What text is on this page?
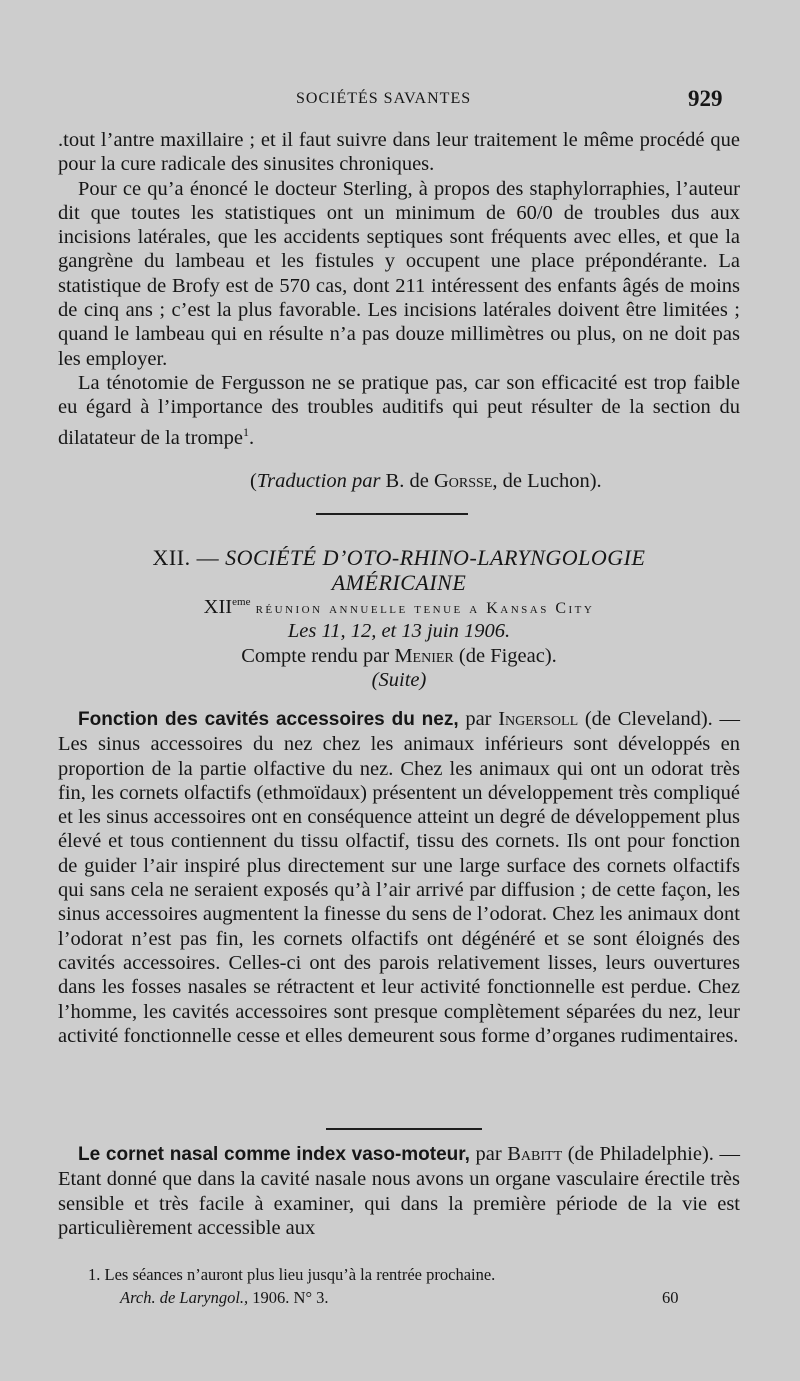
SOCIÉTÉS SAVANTES	929

.tout l’antre maxillaire ; et il faut suivre dans leur traitement le même procédé que pour la cure radicale des sinusites chroniques.

Pour ce qu’a énoncé le docteur Sterling, à propos des staphylorraphies, l’auteur dit que toutes les statistiques ont un minimum de 60/0 de troubles dus aux incisions latérales, que les accidents septiques sont fréquents avec elles, et que la gangrène du lambeau et les fistules y occupent une place prépondérante. La statistique de Brofy est de 570 cas, dont 211 intéressent des enfants âgés de moins de cinq ans ; c’est la plus favorable. Les incisions latérales doivent être limitées ; quand le lambeau qui en résulte n’a pas douze millimètres ou plus, on ne doit pas les employer.

La ténotomie de Fergusson ne se pratique pas, car son efficacité est trop faible eu égard à l’importance des troubles auditifs qui peut résulter de la section du dilatateur de la trompe$^1$.

(Traduction par B. de Gorsse, de Luchon).
XII. — SOCIÉTÉ D’OTO-RHINO-LARYNGOLOGIE
AMÉRICAINE
XIIeme réunion annuelle tenue a Kansas City
Les 11, 12, et 13 juin 1906.
Compte rendu par Menier (de Figeac).
(Suite)

Fonction des cavités accessoires du nez, par Ingersoll (de Cleveland). — Les sinus accessoires du nez chez les animaux inférieurs sont développés en proportion de la partie olfactive du nez. Chez les animaux qui ont un odorat très fin, les cornets olfactifs (ethmoïdaux) présentent un développement très compliqué et les sinus accessoires ont en conséquence atteint un degré de développement plus élevé et tous contiennent du tissu olfactif, tissu des cornets. Ils ont pour fonction de guider l’air inspiré plus directement sur une large surface des cornets olfactifs qui sans cela ne seraient exposés qu’à l’air arrivé par diffusion ; de cette façon, les sinus accessoires augmentent la finesse du sens de l’odorat. Chez les animaux dont l’odorat n’est pas fin, les cornets olfactifs ont dégénéré et se sont éloignés des cavités accessoires. Celles-ci ont des parois relativement lisses, leurs ouvertures dans les fosses nasales se rétractent et leur activité fonctionnelle est perdue. Chez l’homme, les cavités accessoires sont presque complètement séparées du nez, leur activité fonctionnelle cesse et elles demeurent sous forme d’organes rudimentaires.

Le cornet nasal comme index vaso-moteur, par Babitt (de Philadelphie). — Etant donné que dans la cavité nasale nous avons un organe vasculaire érectile très sensible et très facile à examiner, qui dans la première période de la vie est particulièrement accessible aux

1. Les séances n’auront plus lieu jusqu’à la rentrée prochaine.
Arch. de Laryngol., 1906. N° 3.	60
